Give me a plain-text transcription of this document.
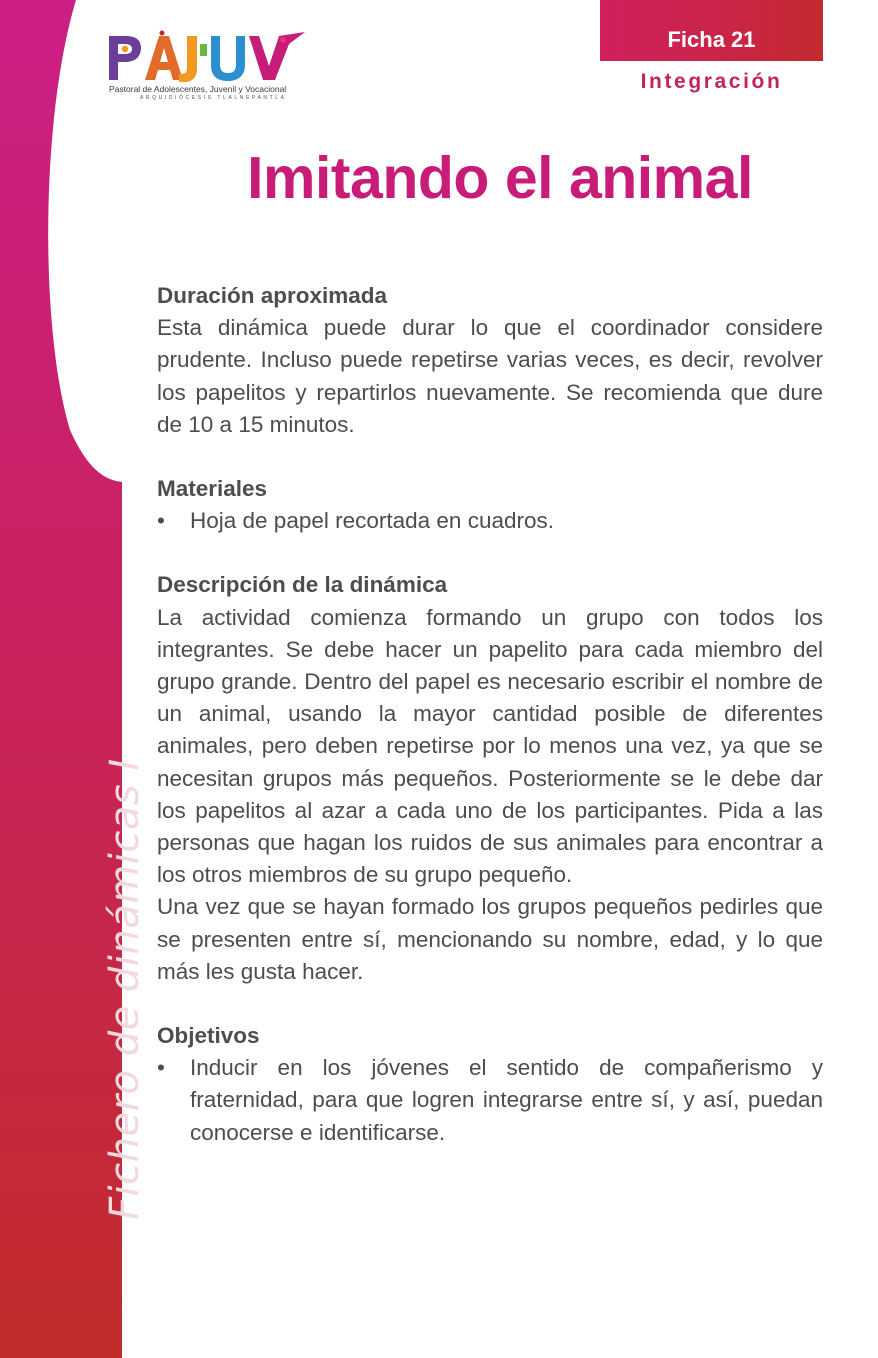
Fichero de dinámicas I
Pastoral de Adolescentes, Juvenil y Vocacional
ARQUIDIÓCESIS TLALNEPANTLA
Ficha 21
Integración
Imitando el animal
Duración aproximada

Esta dinámica puede durar lo que el coordinador considere prudente. Incluso puede repetirse varias veces, es decir, revolver los papelitos y repartirlos nuevamente. Se recomienda que dure de 10 a 15 minutos.

Materiales
• Hoja de papel recortada en cuadros.
Descripción de la dinámica

La actividad comienza formando un grupo con todos los integrantes. Se debe hacer un papelito para cada miembro del grupo grande. Dentro del papel es necesario escribir el nombre de un animal, usando la mayor cantidad posible de diferentes animales, pero deben repetirse por lo menos una vez, ya que se necesitan grupos más pequeños. Posteriormente se le debe dar los papelitos al azar a cada uno de los participantes. Pida a las personas que hagan los ruidos de sus animales para encontrar a los otros miembros de su grupo pequeño.

Una vez que se hayan formado los grupos pequeños pedirles que se presenten entre sí, mencionando su nombre, edad, y lo que más les gusta hacer.

Objetivos
• Inducir en los jóvenes el sentido de compañerismo y fraternidad, para que logren integrarse entre sí, y así, puedan conocerse e identificarse.
